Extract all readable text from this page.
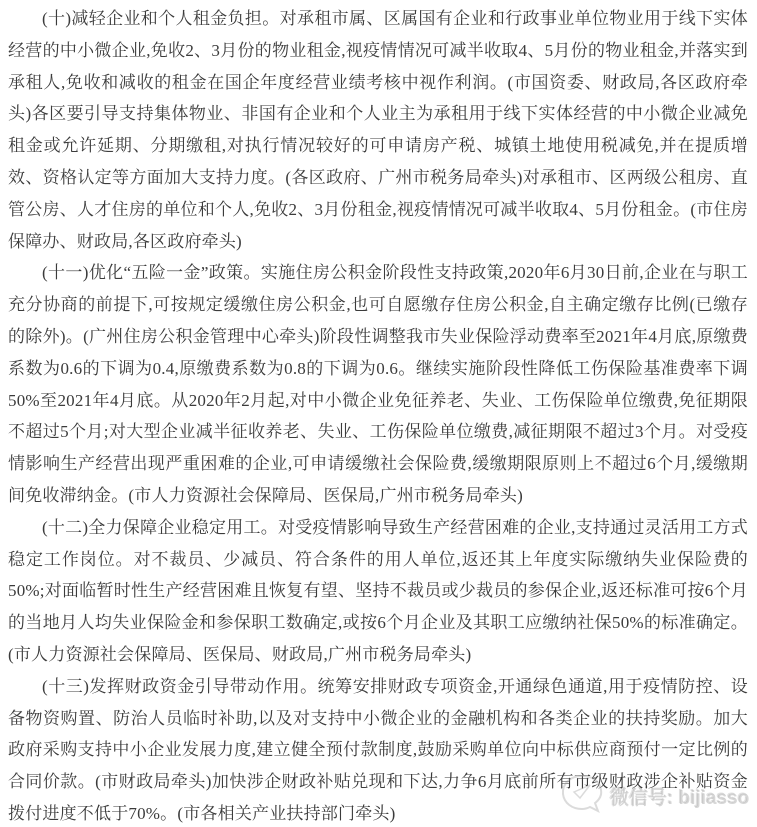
(十)减轻企业和个人租金负担。对承租市属、区属国有企业和行政事业单位物业用于线下实体经营的中小微企业,免收2、3月份的物业租金,视疫情情况可减半收取4、5月份的物业租金,并落实到承租人,免收和减收的租金在国企年度经营业绩考核中视作利润。(市国资委、财政局,各区政府牵头)各区要引导支持集体物业、非国有企业和个人业主为承租用于线下实体经营的中小微企业减免租金或允许延期、分期缴租,对执行情况较好的可申请房产税、城镇土地使用税减免,并在提质增效、资格认定等方面加大支持力度。(各区政府、广州市税务局牵头)对承租市、区两级公租房、直管公房、人才住房的单位和个人,免收2、3月份租金,视疫情情况可减半收取4、5月份租金。(市住房保障办、财政局,各区政府牵头)

(十一)优化“五险一金”政策。实施住房公积金阶段性支持政策,2020年6月30日前,企业在与职工充分协商的前提下,可按规定缓缴住房公积金,也可自愿缴存住房公积金,自主确定缴存比例(已缴存的除外)。(广州住房公积金管理中心牵头)阶段性调整我市失业保险浮动费率至2021年4月底,原缴费系数为0.6的下调为0.4,原缴费系数为0.8的下调为0.6。继续实施阶段性降低工伤保险基准费率下调50%至2021年4月底。从2020年2月起,对中小微企业免征养老、失业、工伤保险单位缴费,免征期限不超过5个月;对大型企业减半征收养老、失业、工伤保险单位缴费,减征期限不超过3个月。对受疫情影响生产经营出现严重困难的企业,可申请缓缴社会保险费,缓缴期限原则上不超过6个月,缓缴期间免收滞纳金。(市人力资源社会保障局、医保局,广州市税务局牵头)

(十二)全力保障企业稳定用工。对受疫情影响导致生产经营困难的企业,支持通过灵活用工方式稳定工作岗位。对不裁员、少减员、符合条件的用人单位,返还其上年度实际缴纳失业保险费的50%;对面临暂时性生产经营困难且恢复有望、坚持不裁员或少裁员的参保企业,返还标准可按6个月的当地月人均失业保险金和参保职工数确定,或按6个月企业及其职工应缴纳社保50%的标准确定。(市人力资源社会保障局、医保局、财政局,广州市税务局牵头)

(十三)发挥财政资金引导带动作用。统筹安排财政专项资金,开通绿色通道,用于疫情防控、设备物资购置、防治人员临时补助,以及对支持中小微企业的金融机构和各类企业的扶持奖励。加大政府采购支持中小企业发展力度,建立健全预付款制度,鼓励采购单位向中标供应商预付一定比例的合同价款。(市财政局牵头)加快涉企财政补贴兑现和下达,力争6月底前所有市级财政涉企补贴资金拨付进度不低于70%。(市各相关产业扶持部门牵头)

微信号: bijiasso
